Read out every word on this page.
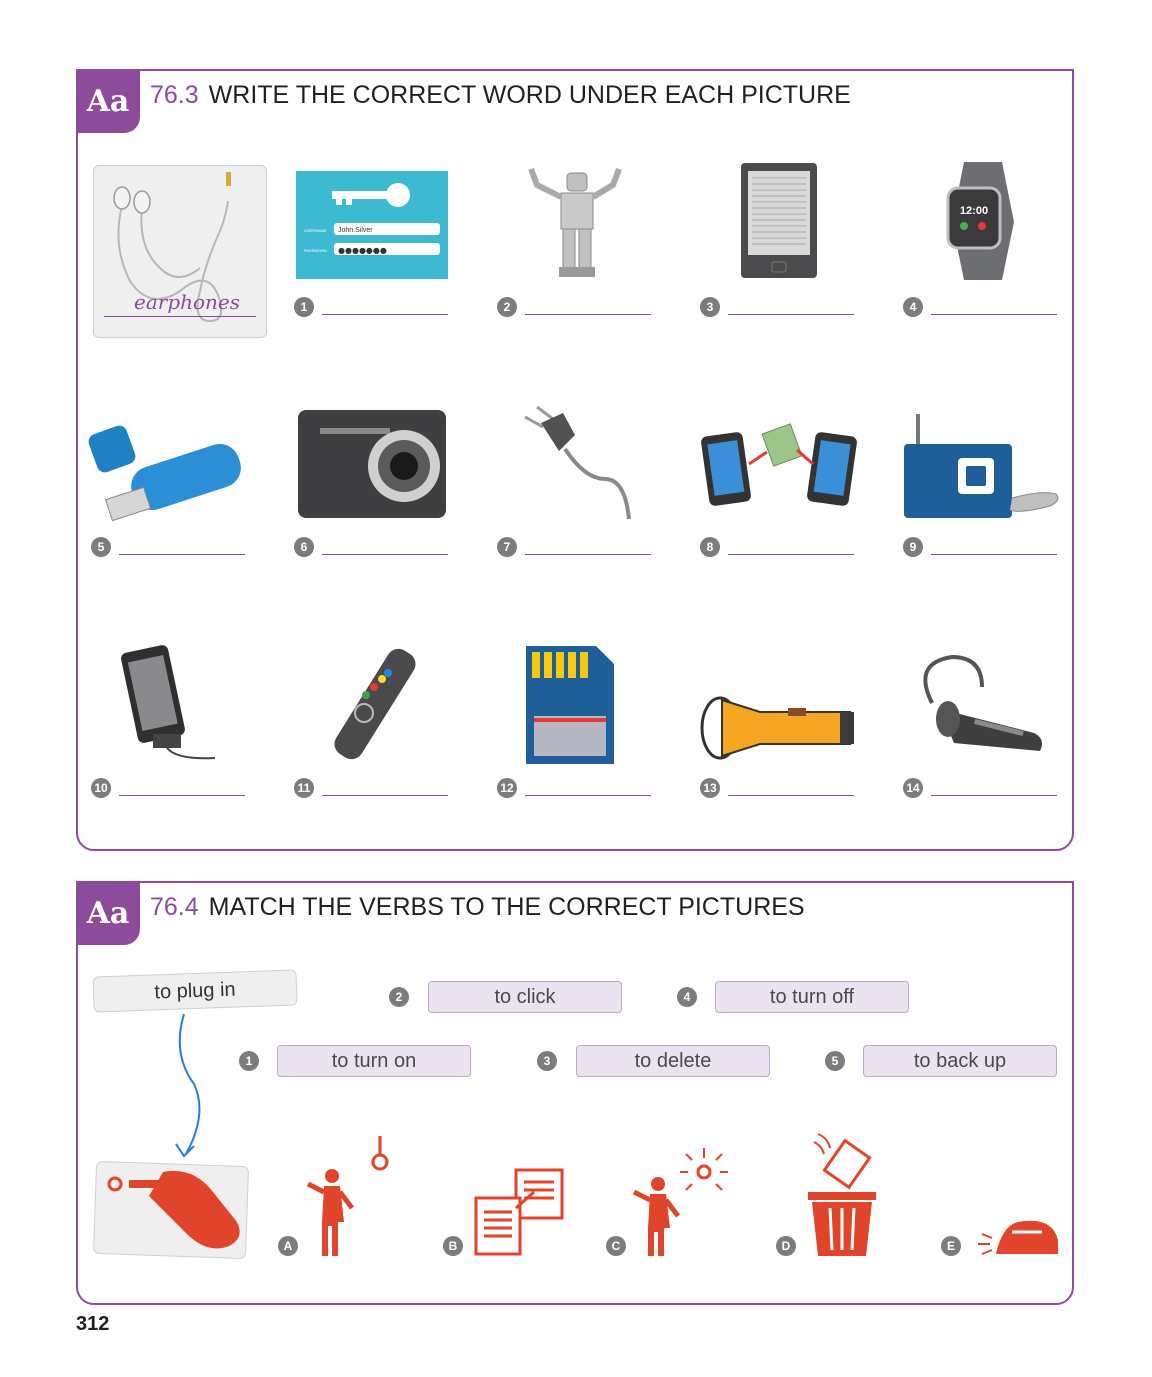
Aa 76.3 WRITE THE CORRECT WORD UNDER EACH PICTURE
earphones
USERNAME John.Silver
PASSWORD ●●●●●●●
12:00
1	2	3	4
5	6	7	8	9
10	11	12	13	14
Aa 76.4 MATCH THE VERBS TO THE CORRECT PICTURES
to plug in	2	to click	4	to turn off
1	to turn on	3	to delete	5	to back up
A	B	C	D	E
312
